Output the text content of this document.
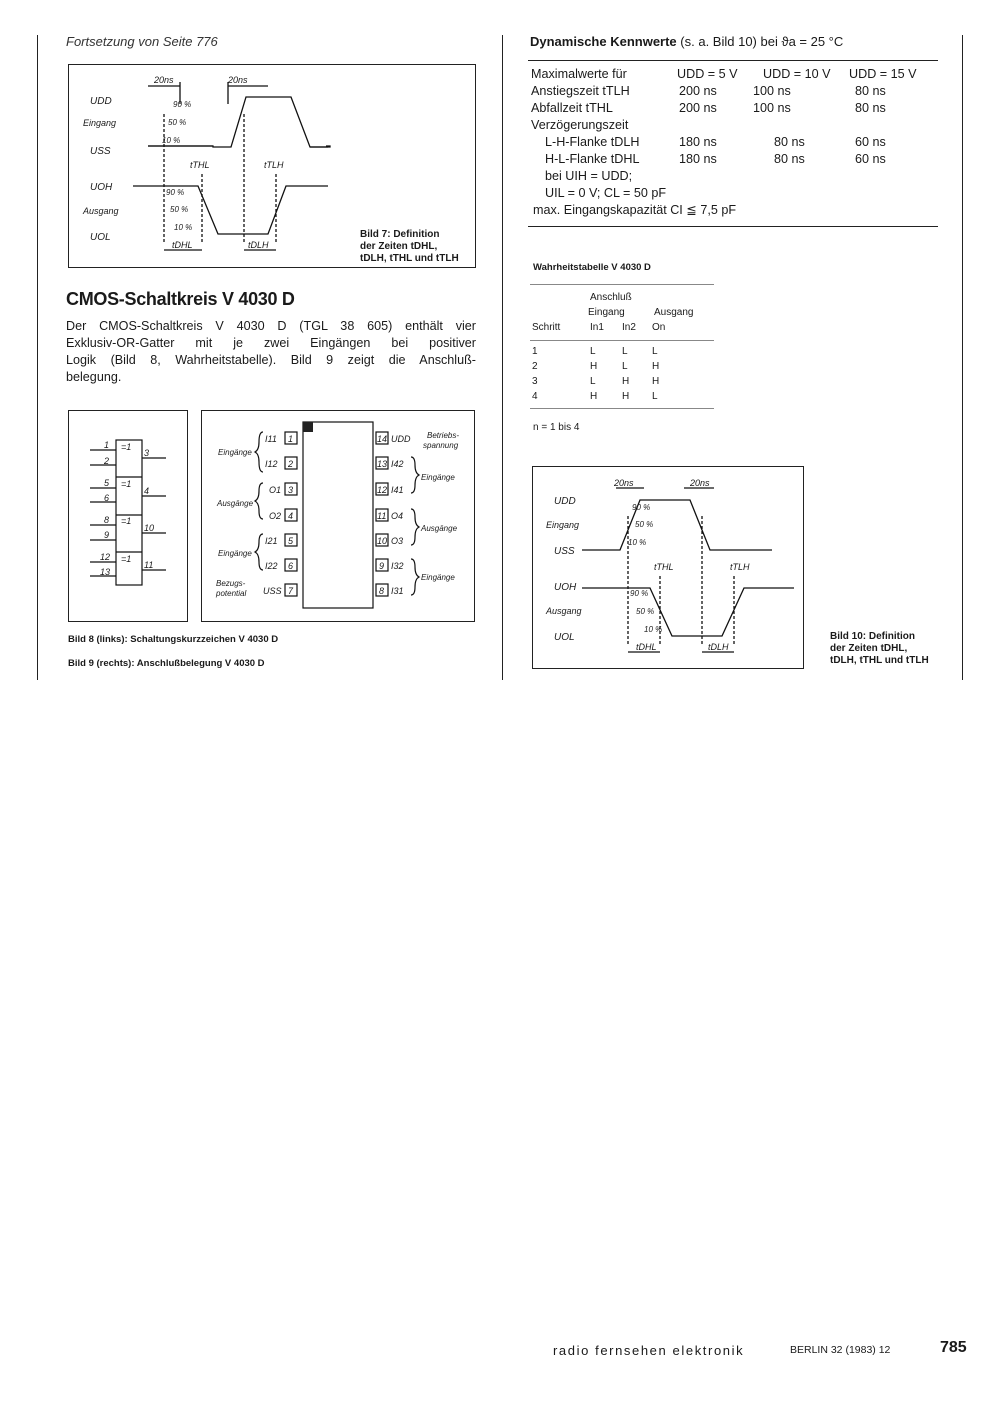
Fortsetzung von Seite 776
UDD
Eingang
USS
UOH
Ausgang
UOL
20ns	20ns
90 %
50 %
10 %
90 %
50 %
10 %
tTHL	tTLH
tDHL	tDLH
Bild 7: Definition
der Zeiten tDHL,
tDLH, tTHL und tTLH
CMOS-Schaltkreis V 4030 D
Der CMOS-Schaltkreis V 4030 D (TGL 38 605) enthält vier
Exklusiv-OR-Gatter mit je zwei Eingängen bei positiver
Logik (Bild 8, Wahrheitstabelle). Bild 9 zeigt die Anschluß-
belegung.
1
2
=1
3
5
6
=1
4
8
9
=1
10
12
13
=1
11
I11 1
I12 2
O1 3
O2 4
I21 5
I22 6
USS 7
14 UDD
13 I42
12 I41
11 O4
10 O3
9 I32
8 I31
Eingänge
Ausgänge
Eingänge
Bezugs-
potential
Betriebs-
spannung
Eingänge
Ausgänge
Eingänge
Bild 8 (links): Schaltungskurzzeichen V 4030 D
Bild 9 (rechts): Anschlußbelegung V 4030 D
Dynamische Kennwerte (s. a. Bild 10) bei ϑa = 25 °C
Maximalwerte für	UDD = 5 V UDD = 10 V UDD = 15 V
Anstiegszeit tTLH	200 ns	100 ns	80 ns
Abfallzeit tTHL	200 ns	100 ns	80 ns
Verzögerungszeit
L-H-Flanke tDLH	180 ns	80 ns	60 ns
H-L-Flanke tDHL	180 ns	80 ns	60 ns
bei UIH = UDD;
UIL = 0 V; CL = 50 pF
max. Eingangskapazität CI ≦ 7,5 pF
Wahrheitstabelle V 4030 D
Anschluß
Eingang	Ausgang
Schritt	In1 In2 On
1	L	L L
2	H L H
3	L	H H
4	H H L
n = 1 bis 4
UDD
Eingang
USS
UOH
Ausgang
UOL
20ns	20ns
90 %
50 %
10 %
90 %
50 %
10 %
tTHL	tTLH
tDHL	tDLH
Bild 10: Definition
der Zeiten tDHL,
tDLH, tTHL und tTLH
radio fernsehen elektronik	BERLIN 32 (1983) 12	785
